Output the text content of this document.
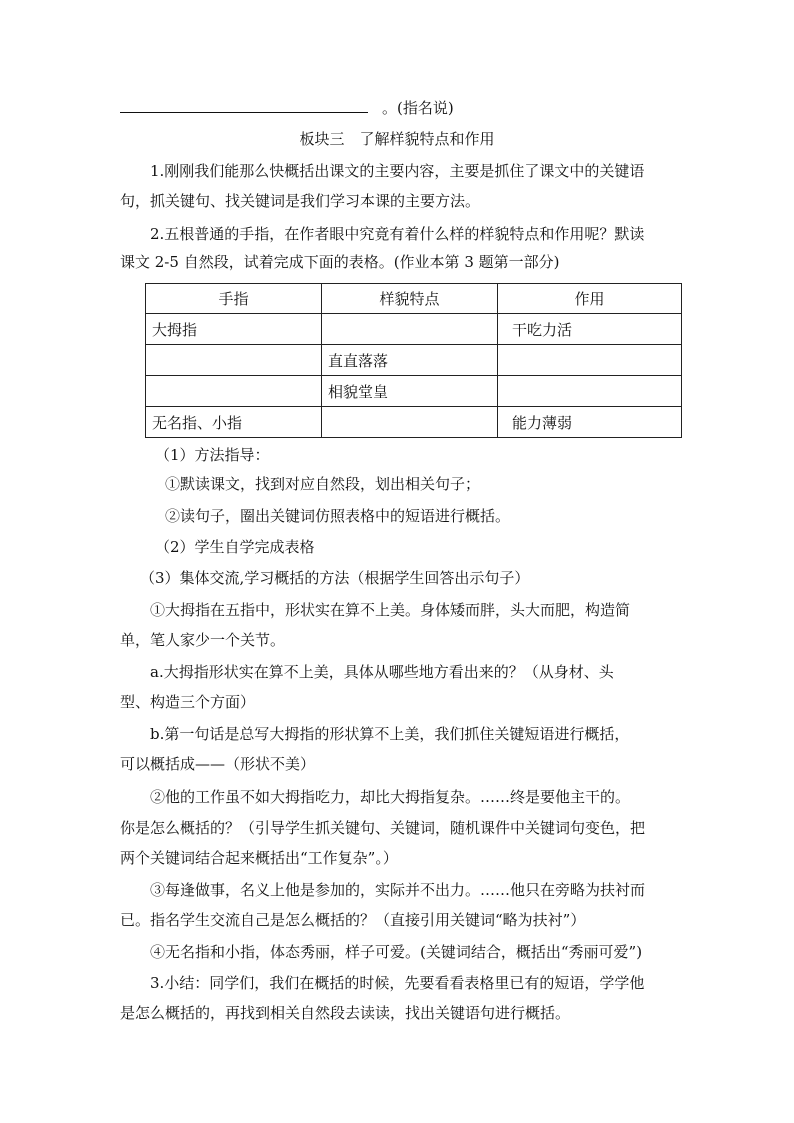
。(指名说)
板块三　了解样貌特点和作用
1.刚刚我们能那么快概括出课文的主要内容，主要是抓住了课文中的关键语
句，抓关键句、找关键词是我们学习本课的主要方法。
2.五根普通的手指，在作者眼中究竟有着什么样的样貌特点和作用呢？默读
课文 2-5 自然段，试着完成下面的表格。(作业本第 3 题第一部分)
手指	样貌特点	作用
大拇指		干吃力活
	直直落落	
	相貌堂皇	
无名指、小指		能力薄弱
（1）方法指导：
①默读课文，找到对应自然段，划出相关句子；
②读句子，圈出关键词仿照表格中的短语进行概括。
（2）学生自学完成表格
（3）集体交流,学习概括的方法（根据学生回答出示句子）
①大拇指在五指中，形状实在算不上美。身体矮而胖，头大而肥，构造简
单，笔人家少一个关节。
a.大拇指形状实在算不上美，具体从哪些地方看出来的？（从身材、头
型、构造三个方面）
b.第一句话是总写大拇指的形状算不上美，我们抓住关键短语进行概括，
可以概括成——（形状不美）
②他的工作虽不如大拇指吃力，却比大拇指复杂。……终是要他主干的。
你是怎么概括的？（引导学生抓关键句、关键词，随机课件中关键词句变色，把
两个关键词结合起来概括出“工作复杂”。）
③每逢做事，名义上他是参加的，实际并不出力。……他只在旁略为扶衬而
已。指名学生交流自己是怎么概括的？（直接引用关键词“略为扶衬”）
④无名指和小指，体态秀丽，样子可爱。(关键词结合，概括出“秀丽可爱”)
3.小结：同学们，我们在概括的时候，先要看看表格里已有的短语，学学他
是怎么概括的，再找到相关自然段去读读，找出关键语句进行概括。
